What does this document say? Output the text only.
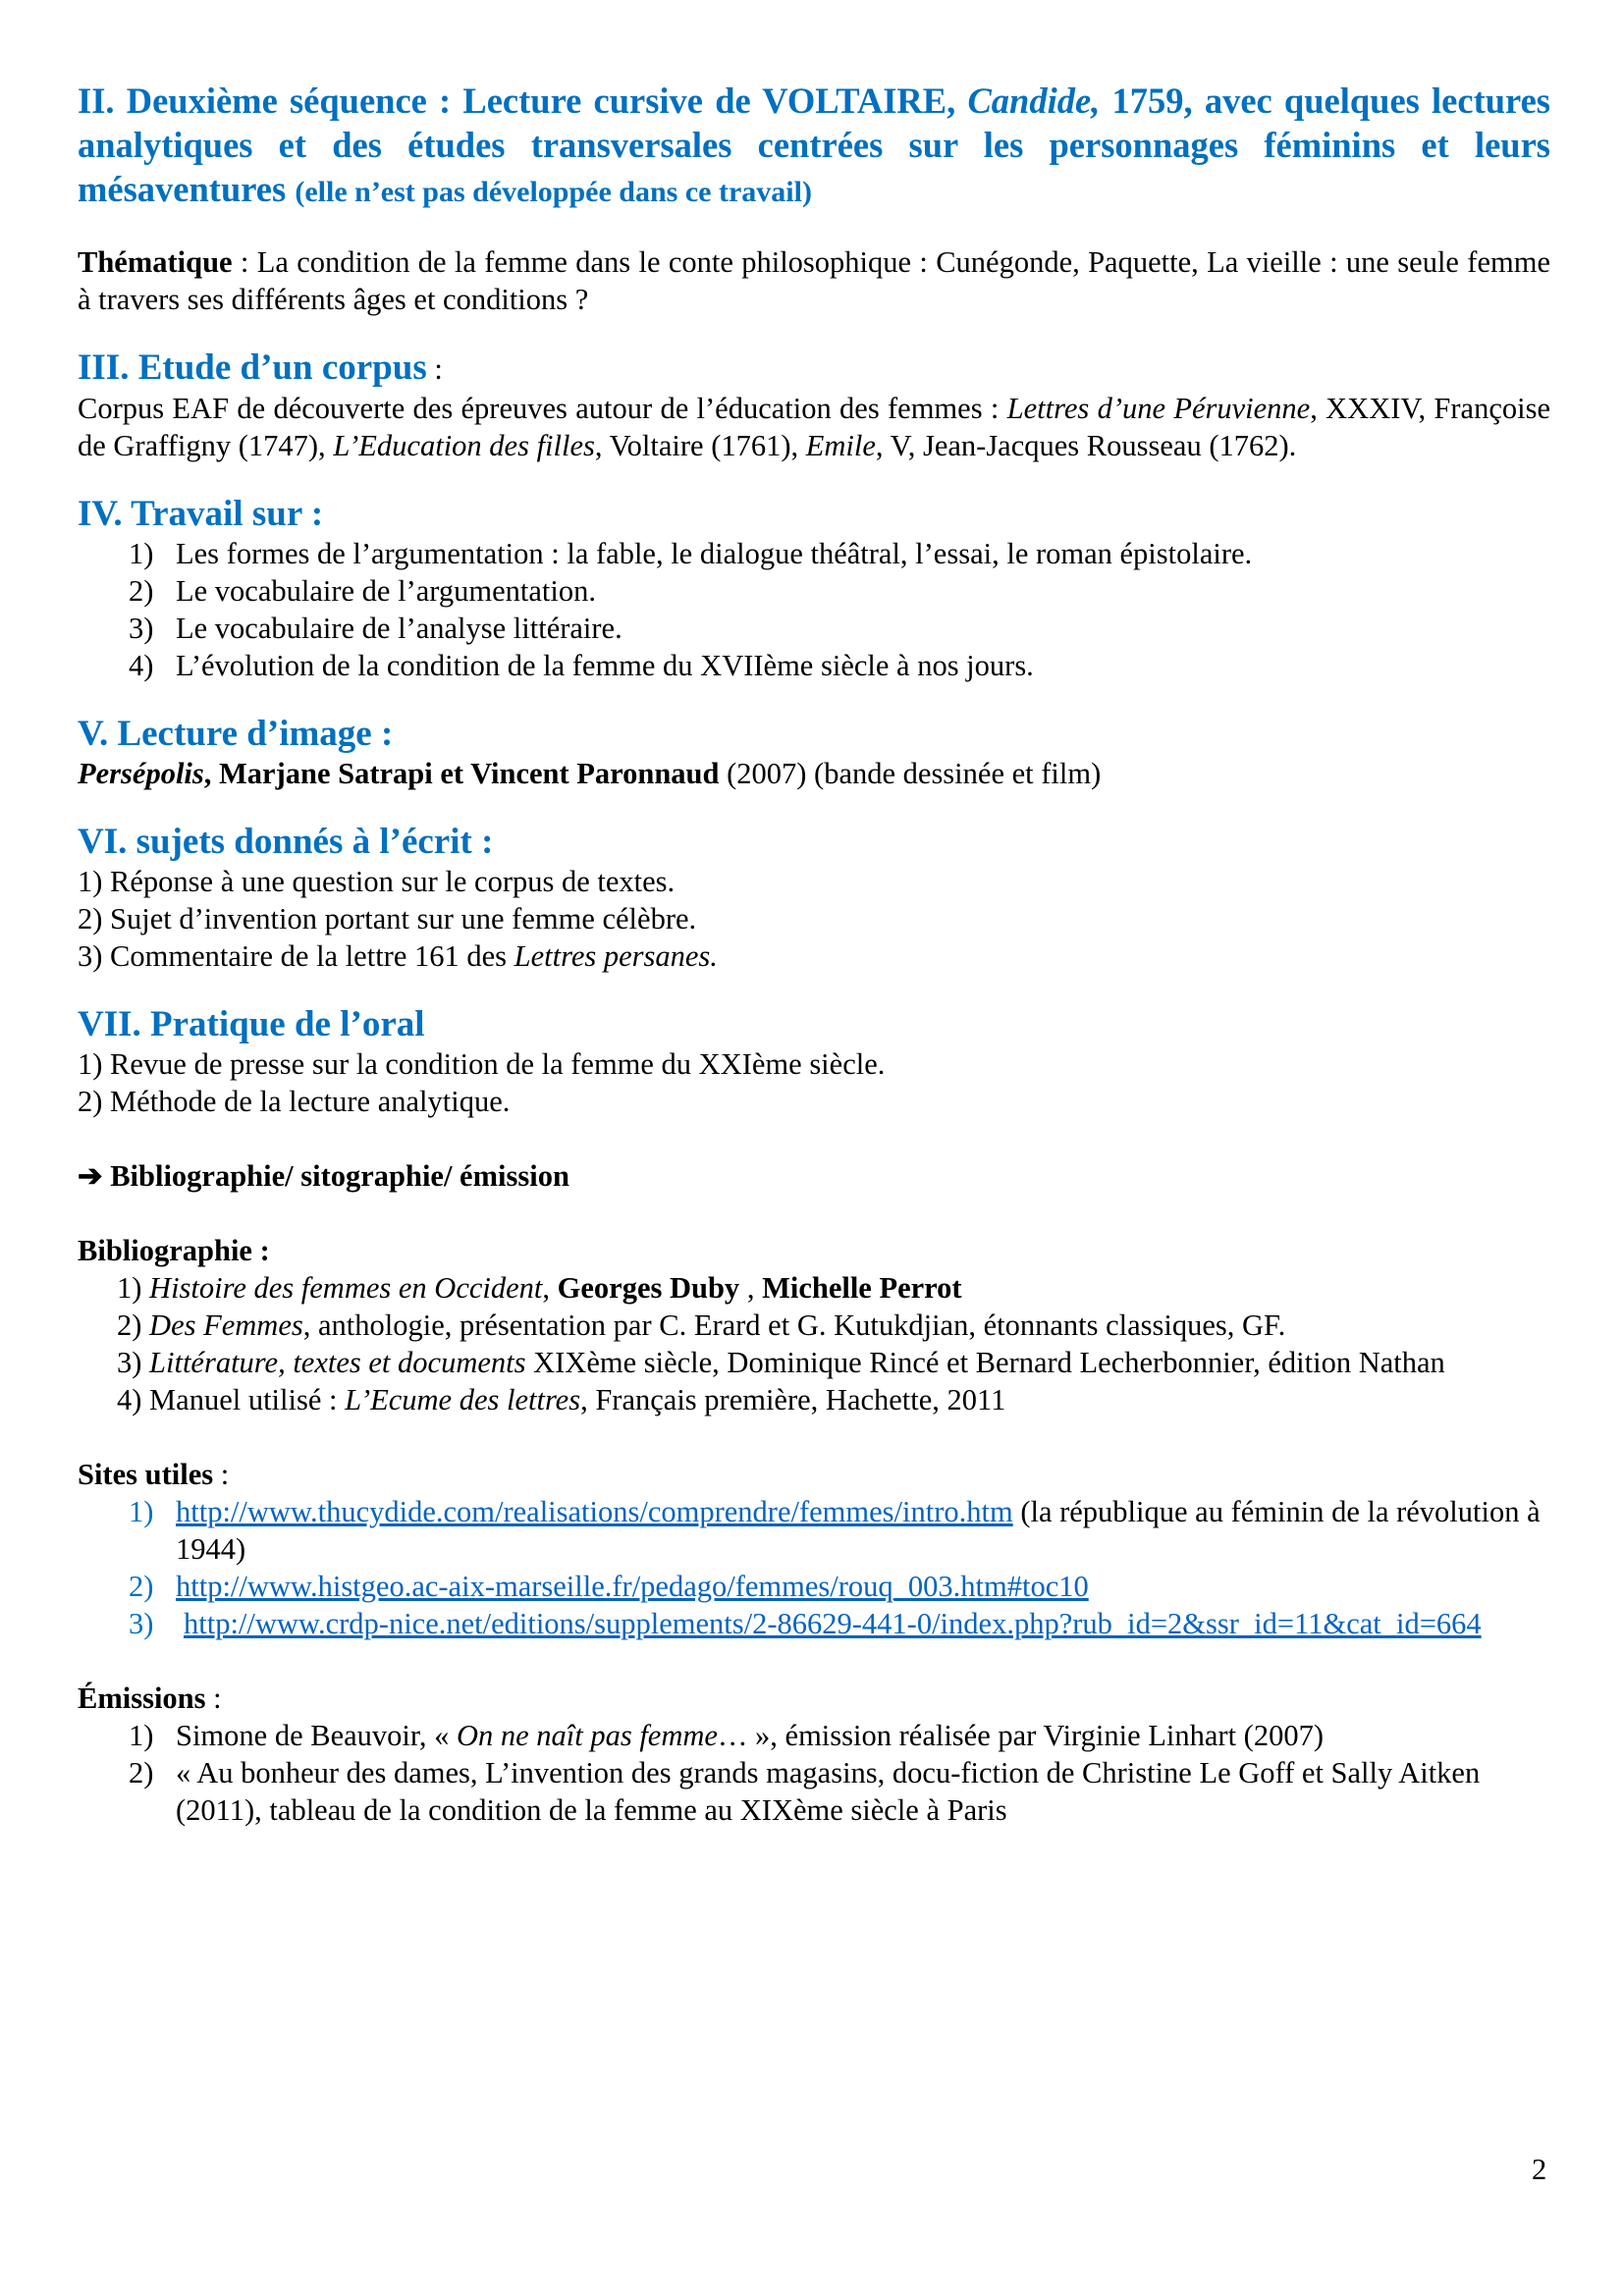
II. Deuxième séquence : Lecture cursive de VOLTAIRE, Candide, 1759, avec quelques lectures analytiques et des études transversales centrées sur les personnages féminins et leurs mésaventures (elle n’est pas développée dans ce travail)

Thématique : La condition de la femme dans le conte philosophique : Cunégonde, Paquette, La vieille : une seule femme à travers ses différents âges et conditions ?

III. Etude d’un corpus :

Corpus EAF de découverte des épreuves autour de l’éducation des femmes : Lettres d’une Péruvienne, XXXIV, Françoise de Graffigny (1747), L’Education des filles, Voltaire (1761), Emile, V, Jean-Jacques Rousseau (1762).

IV. Travail sur :

1) Les formes de l’argumentation : la fable, le dialogue théâtral, l’essai, le roman épistolaire.
2) Le vocabulaire de l’argumentation.
3) Le vocabulaire de l’analyse littéraire.
4) L’évolution de la condition de la femme du XVIIème siècle à nos jours.

V. Lecture d’image :

Persépolis, Marjane Satrapi et Vincent Paronnaud (2007) (bande dessinée et film)

VI. sujets donnés à l’écrit :

1) Réponse à une question sur le corpus de textes.

2) Sujet d’invention portant sur une femme célèbre.

3) Commentaire de la lettre 161 des Lettres persanes.

VII. Pratique de l’oral

1) Revue de presse sur la condition de la femme du XXIème siècle.

2) Méthode de la lecture analytique.

➔ Bibliographie/ sitographie/ émission

Bibliographie :

1) Histoire des femmes en Occident, Georges Duby , Michelle Perrot

2) Des Femmes, anthologie, présentation par C. Erard et G. Kutukdjian, étonnants classiques, GF.

3) Littérature, textes et documents XIXème siècle, Dominique Rincé et Bernard Lecherbonnier, édition Nathan

4) Manuel utilisé : L’Ecume des lettres, Français première, Hachette, 2011

Sites utiles :

1) http://www.thucydide.com/realisations/comprendre/femmes/intro.htm (la république au féminin de la révolution à 1944)
2) http://www.histgeo.ac-aix-marseille.fr/pedago/femmes/rouq_003.htm#toc10
3) http://www.crdp-nice.net/editions/supplements/2-86629-441-0/index.php?rub_id=2&ssr_id=11&cat_id=664

Émissions :

1) Simone de Beauvoir, « On ne naît pas femme… », émission réalisée par Virginie Linhart (2007)
2) « Au bonheur des dames, L’invention des grands magasins, docu-fiction de Christine Le Goff et Sally Aitken (2011), tableau de la condition de la femme au XIXème siècle à Paris
2
